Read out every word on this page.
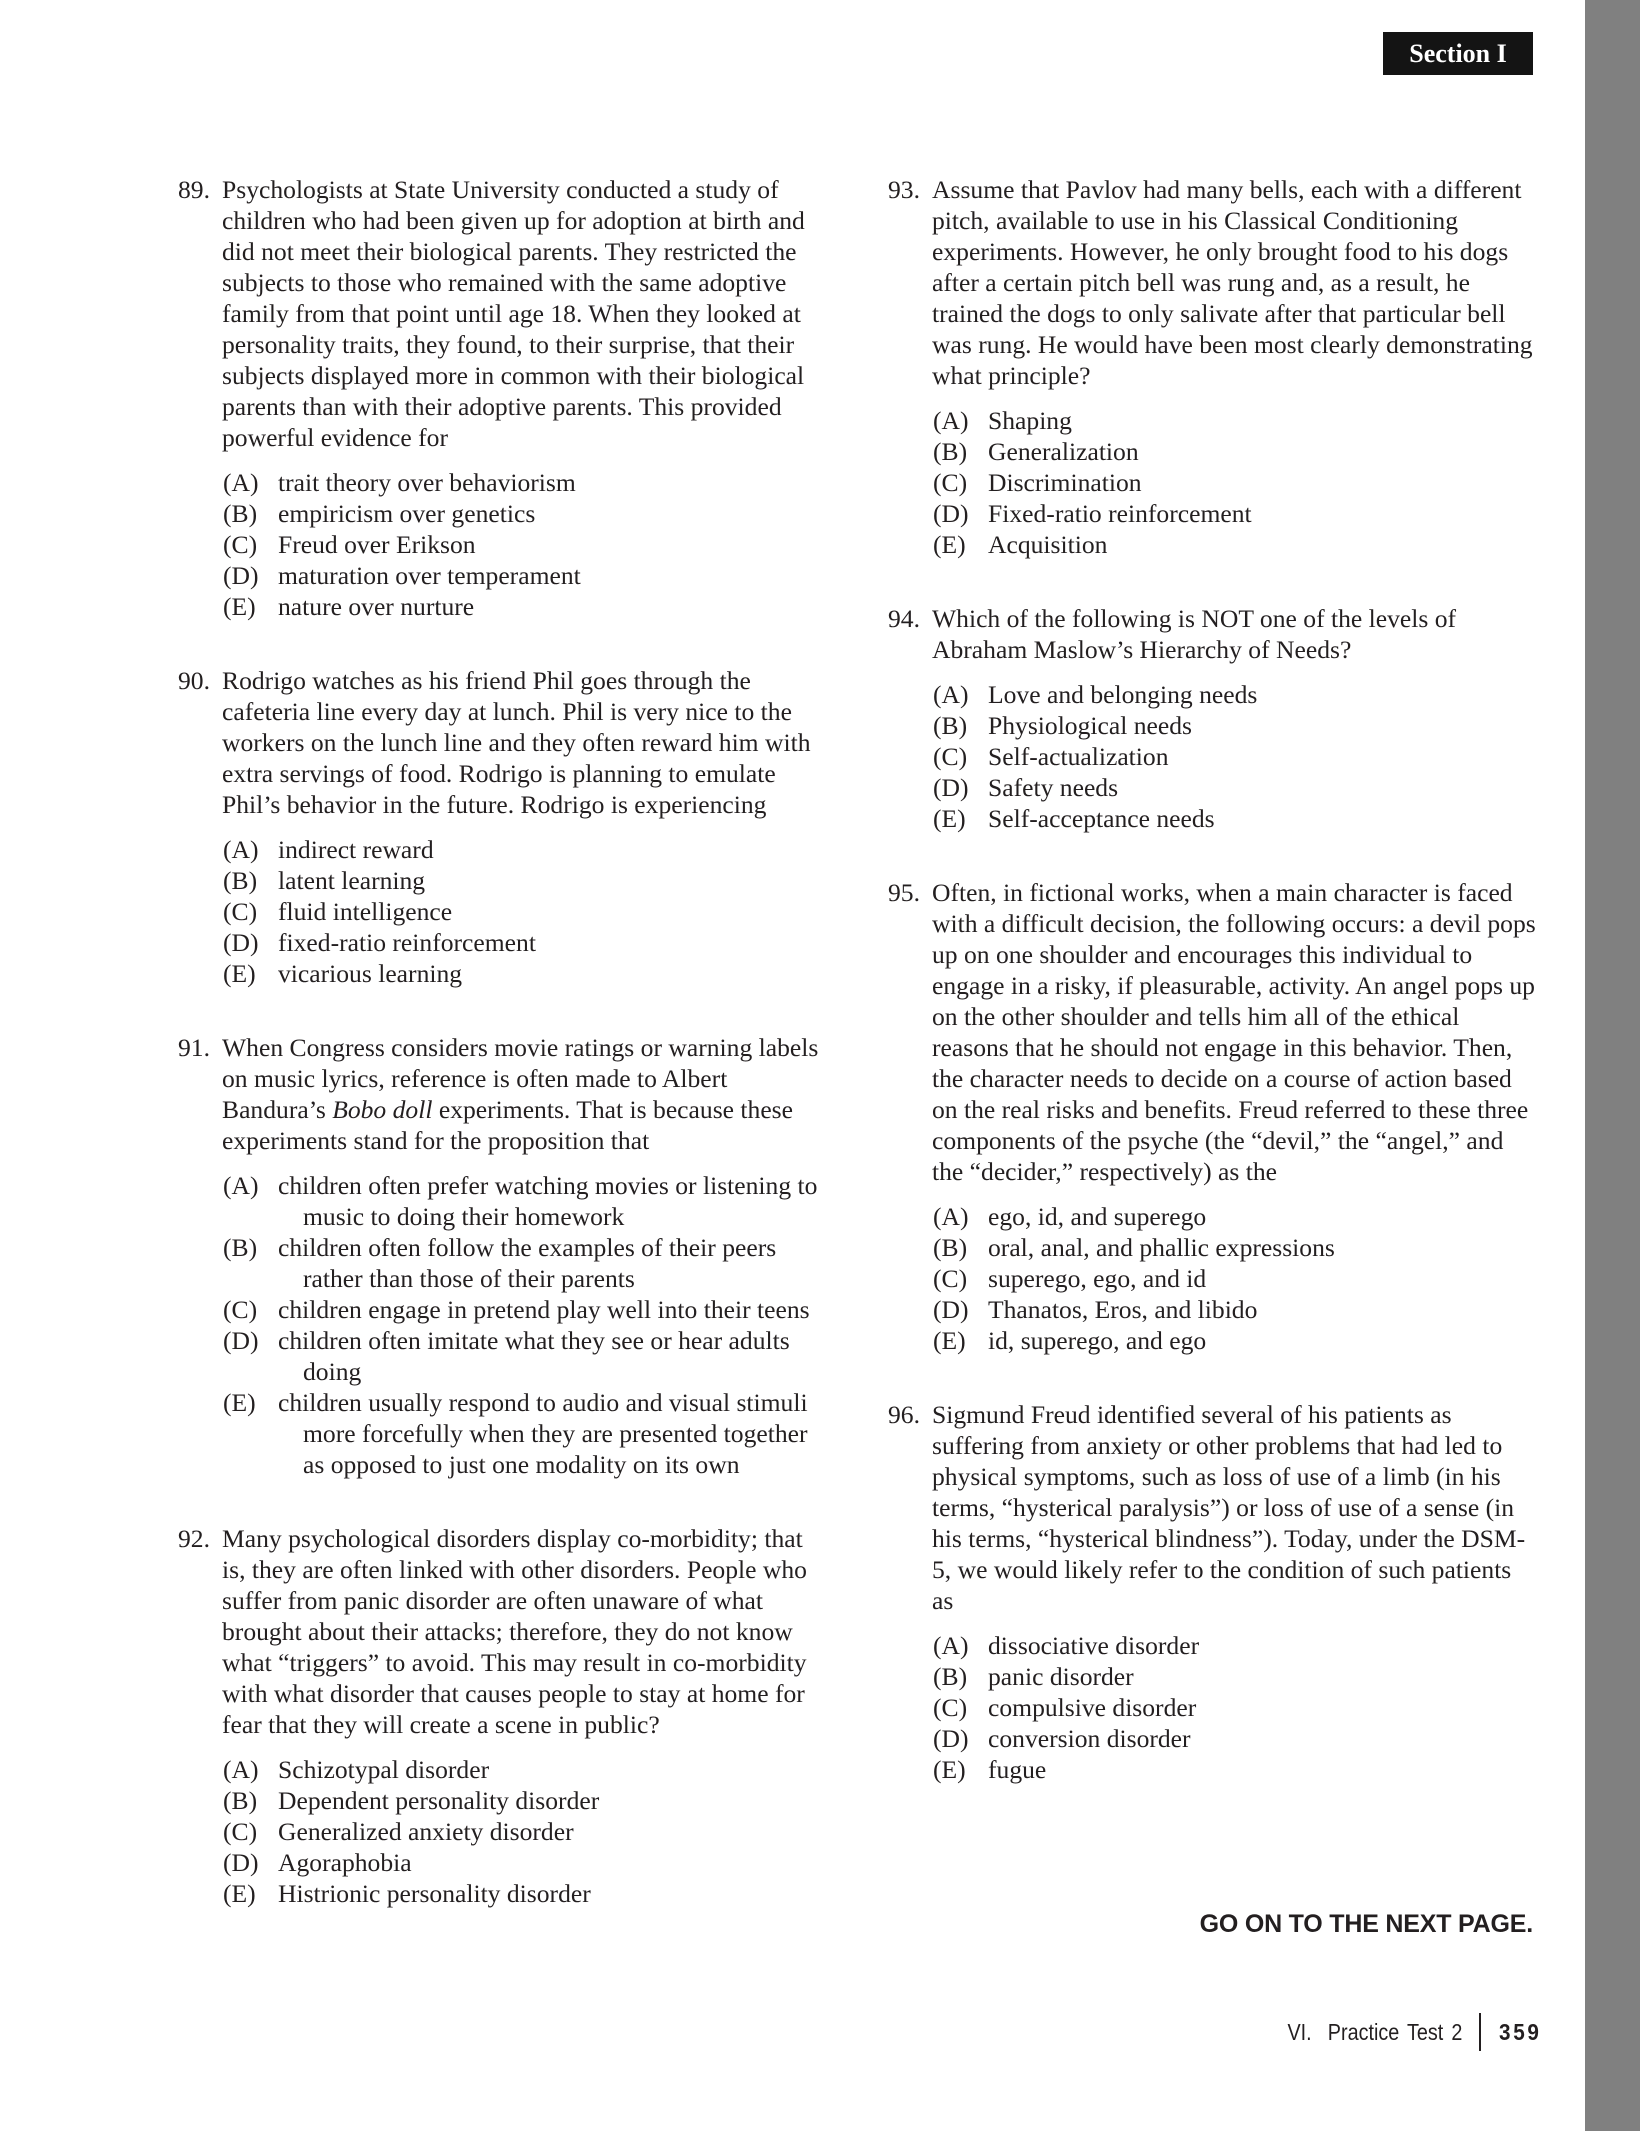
Section I
89. Psychologists at State University conducted a study of children who had been given up for adoption at birth and did not meet their biological parents. They restricted the subjects to those who remained with the same adoptive family from that point until age 18. When they looked at personality traits, they found, to their surprise, that their subjects displayed more in common with their biological parents than with their adoptive parents. This provided powerful evidence for
(A) trait theory over behaviorism
(B) empiricism over genetics
(C) Freud over Erikson
(D) maturation over temperament
(E) nature over nurture
90. Rodrigo watches as his friend Phil goes through the cafeteria line every day at lunch. Phil is very nice to the workers on the lunch line and they often reward him with extra servings of food. Rodrigo is planning to emulate Phil’s behavior in the future. Rodrigo is experiencing
(A) indirect reward
(B) latent learning
(C) fluid intelligence
(D) fixed-ratio reinforcement
(E) vicarious learning
91. When Congress considers movie ratings or warning labels on music lyrics, reference is often made to Albert Bandura’s Bobo doll experiments. That is because these experiments stand for the proposition that
(A) children often prefer watching movies or listening to music to doing their homework
(B) children often follow the examples of their peers rather than those of their parents
(C) children engage in pretend play well into their teens
(D) children often imitate what they see or hear adults doing
(E) children usually respond to audio and visual stimuli more forcefully when they are presented together as opposed to just one modality on its own
92. Many psychological disorders display co-morbidity; that is, they are often linked with other disorders. People who suffer from panic disorder are often unaware of what brought about their attacks; therefore, they do not know what “triggers” to avoid. This may result in co-morbidity with what disorder that causes people to stay at home for fear that they will create a scene in public?
(A) Schizotypal disorder
(B) Dependent personality disorder
(C) Generalized anxiety disorder
(D) Agoraphobia
(E) Histrionic personality disorder
93. Assume that Pavlov had many bells, each with a different pitch, available to use in his Classical Conditioning experiments. However, he only brought food to his dogs after a certain pitch bell was rung and, as a result, he trained the dogs to only salivate after that particular bell was rung. He would have been most clearly demonstrating what principle?
(A) Shaping
(B) Generalization
(C) Discrimination
(D) Fixed-ratio reinforcement
(E) Acquisition
94. Which of the following is NOT one of the levels of Abraham Maslow’s Hierarchy of Needs?
(A) Love and belonging needs
(B) Physiological needs
(C) Self-actualization
(D) Safety needs
(E) Self-acceptance needs
95. Often, in fictional works, when a main character is faced with a difficult decision, the following occurs: a devil pops up on one shoulder and encourages this individual to engage in a risky, if pleasurable, activity. An angel pops up on the other shoulder and tells him all of the ethical reasons that he should not engage in this behavior. Then, the character needs to decide on a course of action based on the real risks and benefits. Freud referred to these three components of the psyche (the “devil,” the “angel,” and the “decider,” respectively) as the
(A) ego, id, and superego
(B) oral, anal, and phallic expressions
(C) superego, ego, and id
(D) Thanatos, Eros, and libido
(E) id, superego, and ego
96. Sigmund Freud identified several of his patients as suffering from anxiety or other problems that had led to physical symptoms, such as loss of use of a limb (in his terms, “hysterical paralysis”) or loss of use of a sense (in his terms, “hysterical blindness”). Today, under the DSM-5, we would likely refer to the condition of such patients as
(A) dissociative disorder
(B) panic disorder
(C) compulsive disorder
(D) conversion disorder
(E) fugue
GO ON TO THE NEXT PAGE.
VI.  Practice Test 2 359
